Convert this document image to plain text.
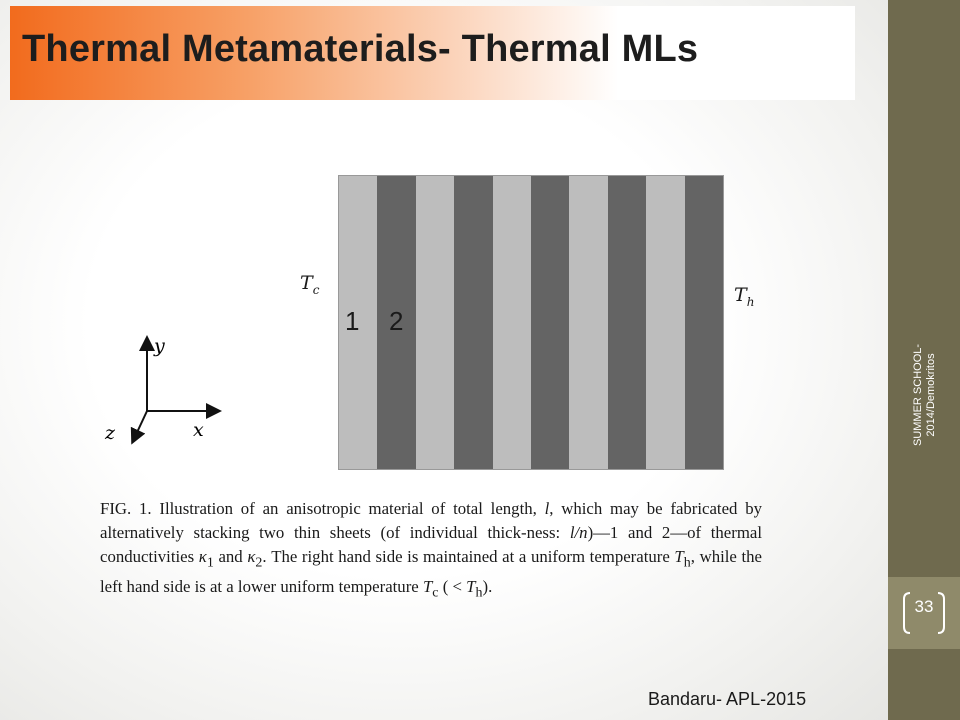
Thermal Metamaterials- Thermal MLs
1 2
$T_c$	$T_h$
y
x
z
FIG. 1. Illustration of an anisotropic material of total length, l, which may be fabricated by alternatively stacking two thin sheets (of individual thick-ness: l/n)—1 and 2—of thermal conductivities $\kappa_1$ and $\kappa_2$. The right hand side is maintained at a uniform temperature $T_h$, while the left hand side is at a lower uniform temperature $T_c$ ( < $T_h$).
Bandaru- APL-2015
SUMMER SCHOOL-
2014/Demokritos
33
